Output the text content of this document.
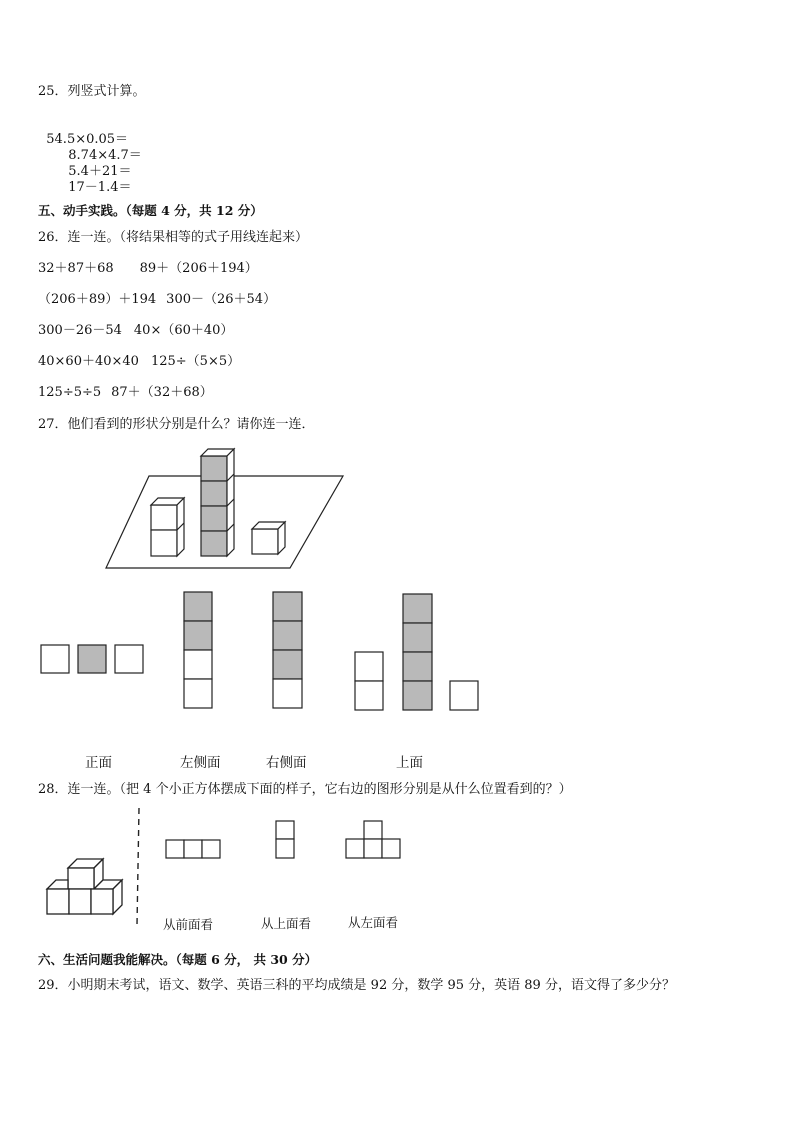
25．列竖式计算。

54.5×0.05＝
8.74×4.7＝
5.4＋21＝
17－1.4＝

五、动手实践。（每题 4 分，共 12 分）
26．连一连。（将结果相等的式子用线连起来）
32＋87＋68 89＋（206＋194）
（206＋89）＋194 300－（26＋54）
300－26－54 40×（60＋40）
40×60＋40×40 125÷（5×5）
125÷5÷5 87＋（32＋68）
27．他们看到的形状分别是什么？请你连一连．
正面	左侧面	右侧面	上面
28．连一连。（把 4 个小正方体摆成下面的样子，它右边的图形分别是从什么位置看到的？）
从前面看	从上面看	从左面看
六、生活问题我能解决。（每题 6 分， 共 30 分）
29．小明期末考试，语文、数学、英语三科的平均成绩是 92 分，数学 95 分，英语 89 分，语文得了多少分？
